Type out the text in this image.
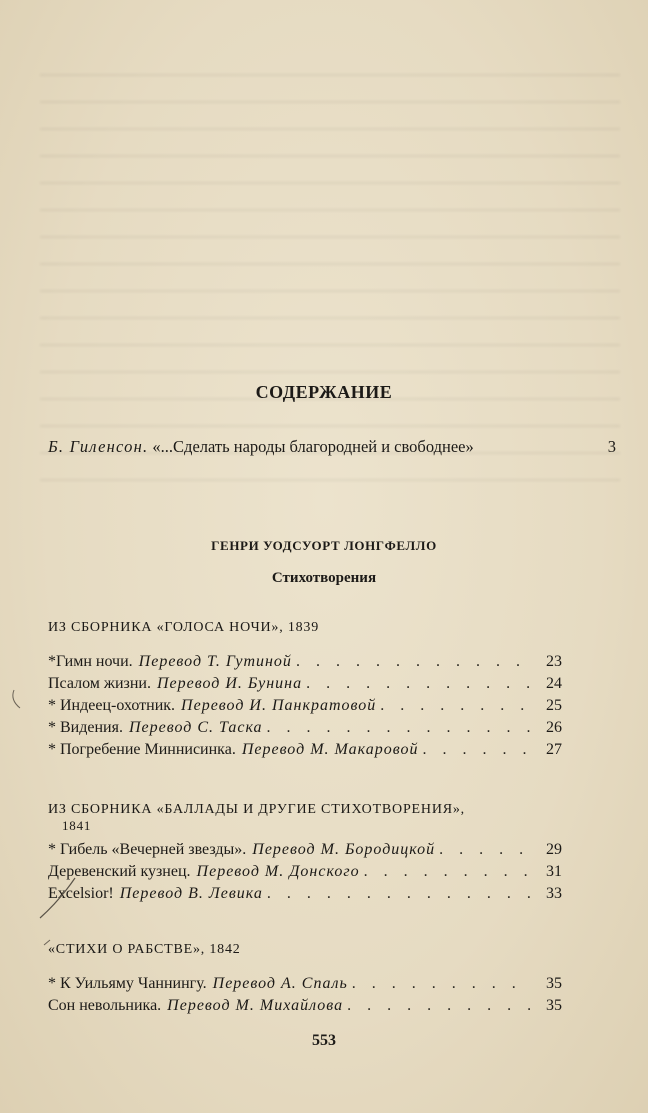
СОДЕРЖАНИЕ
Б. Гиленсон. «...Сделать народы благородней и свободнее»	3
ГЕНРИ УОДСУОРТ ЛОНГФЕЛЛО
Стихотворения
ИЗ СБОРНИКА «ГОЛОСА НОЧИ», 1839
*Гимн ночи. Перевод Т. Гутиной . . .	23
Псалом жизни. Перевод И. Бунина . . .	24
* Индеец-охотник. Перевод И. Панкратовой . . .	25
* Видения. Перевод С. Таска . . .	26
* Погребение Миннисинка. Перевод М. Макаровой . . .	27
ИЗ СБОРНИКА «БАЛЛАДЫ И ДРУГИЕ СТИХОТВОРЕНИЯ»,
1841
* Гибель «Вечерней звезды». Перевод М. Бородицкой . . .	29
Деревенский кузнец. Перевод М. Донского . . .	31
Excelsior! Перевод В. Левика . . .	33
«СТИХИ О РАБСТВЕ», 1842
* К Уильяму Чаннингу. Перевод А. Спаль . . .	35
Сон невольника. Перевод М. Михайлова . . .	35
553
